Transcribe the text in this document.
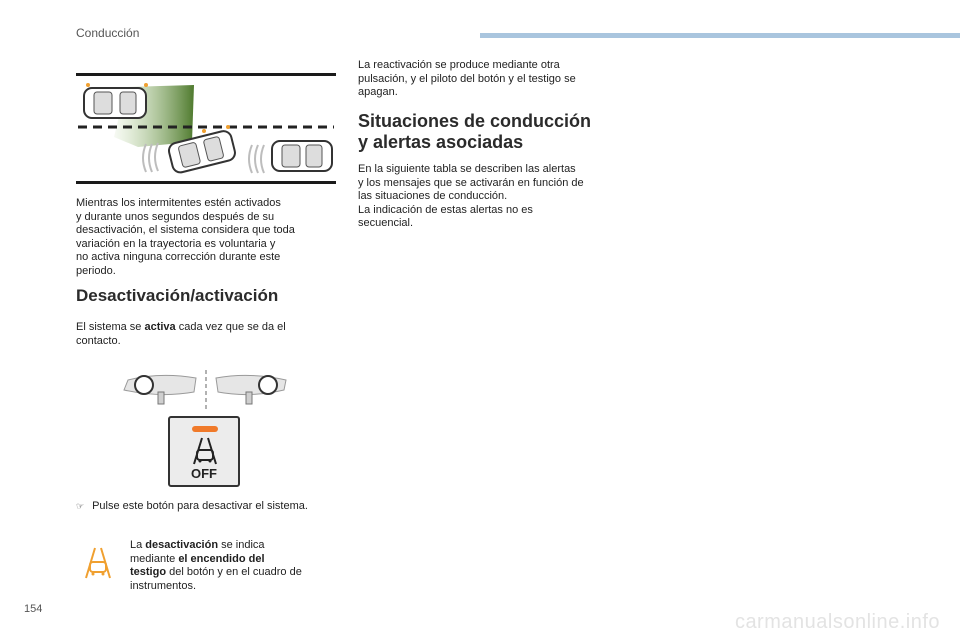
Conducción
Mientras los intermitentes estén activados
y durante unos segundos después de su
desactivación, el sistema considera que toda
variación en la trayectoria es voluntaria y
no activa ninguna corrección durante este
periodo.
Desactivación/activación
El sistema se activa cada vez que se da el
contacto.
OFF
☞ Pulse este botón para desactivar el sistema.
La desactivación se indica
mediante el encendido del
testigo del botón y en el cuadro de
instrumentos.
La reactivación se produce mediante otra
pulsación, y el piloto del botón y el testigo se
apagan.
Situaciones de conducción
y alertas asociadas
En la siguiente tabla se describen las alertas
y los mensajes que se activarán en función de
las situaciones de conducción.
La indicación de estas alertas no es
secuencial.
154
carmanualsonline.info
